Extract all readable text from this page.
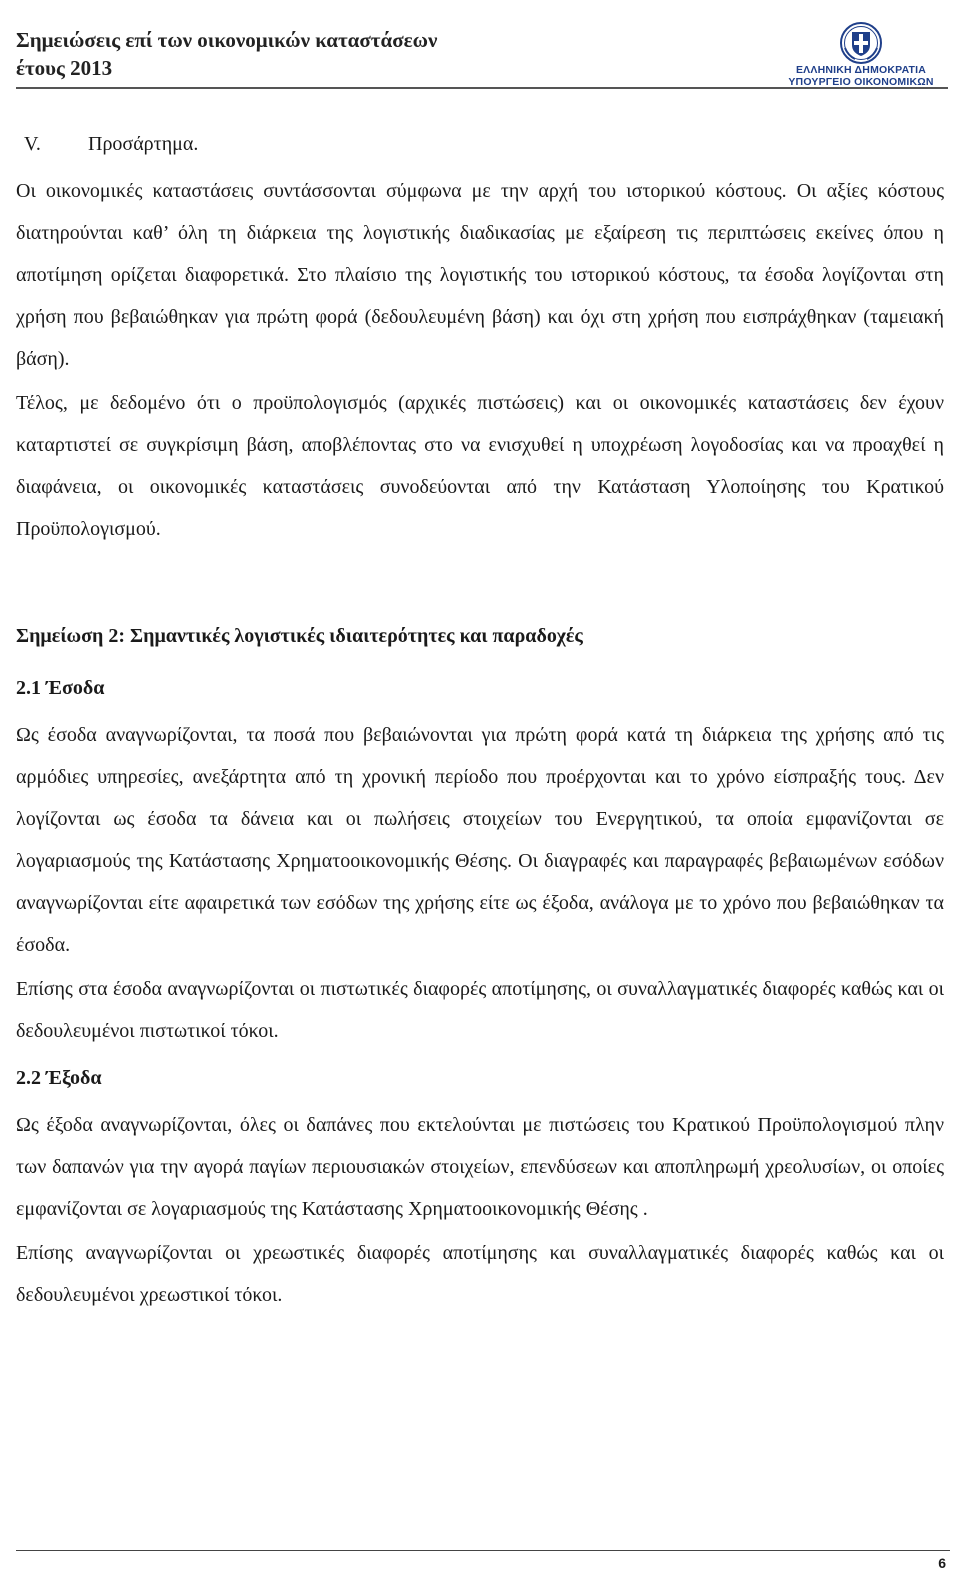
Σημειώσεις επί των οικονομικών καταστάσεων
έτους 2013	ΕΛΛΗΝΙΚΗ ΔΗΜΟΚΡΑΤΙΑ
ΥΠΟΥΡΓΕΙΟ ΟΙΚΟΝΟΜΙΚΩΝ
V. Προσάρτημα.

Οι οικονομικές καταστάσεις συντάσσονται σύμφωνα με την αρχή του ιστορικού κόστους. Οι αξίες κόστους διατηρούνται καθ’ όλη τη διάρκεια της λογιστικής διαδικασίας με εξαίρεση τις περιπτώσεις εκείνες όπου η αποτίμηση ορίζεται διαφορετικά. Στο πλαίσιο της λογιστικής του ιστορικού κόστους, τα έσοδα λογίζονται στη χρήση που βεβαιώθηκαν για πρώτη φορά (δεδουλευμένη βάση) και όχι στη χρήση που εισπράχθηκαν (ταμειακή βάση).

Τέλος, με δεδομένο ότι ο προϋπολογισμός (αρχικές πιστώσεις) και οι οικονομικές καταστάσεις δεν έχουν καταρτιστεί σε συγκρίσιμη βάση, αποβλέποντας στο να ενισχυθεί η υποχρέωση λογοδοσίας και να προαχθεί η διαφάνεια, οι οικονομικές καταστάσεις συνοδεύονται από την Κατάσταση Υλοποίησης του Κρατικού Προϋπολογισμού.

Σημείωση 2: Σημαντικές λογιστικές ιδιαιτερότητες και παραδοχές
2.1 Έσοδα

Ως έσοδα αναγνωρίζονται, τα ποσά που βεβαιώνονται για πρώτη φορά κατά τη διάρκεια της χρήσης από τις αρμόδιες υπηρεσίες, ανεξάρτητα από τη χρονική περίοδο που προέρχονται και το χρόνο είσπραξής τους. Δεν λογίζονται ως έσοδα τα δάνεια και οι πωλήσεις στοιχείων του Ενεργητικού, τα οποία εμφανίζονται σε λογαριασμούς της Κατάστασης Χρηματοοικονομικής Θέσης. Οι διαγραφές και παραγραφές βεβαιωμένων εσόδων αναγνωρίζονται είτε αφαιρετικά των εσόδων της χρήσης είτε ως έξοδα, ανάλογα με το χρόνο που βεβαιώθηκαν τα έσοδα.

Επίσης στα έσοδα αναγνωρίζονται οι πιστωτικές διαφορές αποτίμησης, οι συναλλαγματικές διαφορές καθώς και οι δεδουλευμένοι πιστωτικοί τόκοι.

2.2 Έξοδα

Ως έξοδα αναγνωρίζονται, όλες οι δαπάνες που εκτελούνται με πιστώσεις του Κρατικού Προϋπολογισμού πλην των δαπανών για την αγορά παγίων περιουσιακών στοιχείων, επενδύσεων και αποπληρωμή χρεολυσίων, οι οποίες εμφανίζονται σε λογαριασμούς της Κατάστασης Χρηματοοικονομικής Θέσης .

Επίσης αναγνωρίζονται οι χρεωστικές διαφορές αποτίμησης και συναλλαγματικές διαφορές καθώς και οι δεδουλευμένοι χρεωστικοί τόκοι.

6
